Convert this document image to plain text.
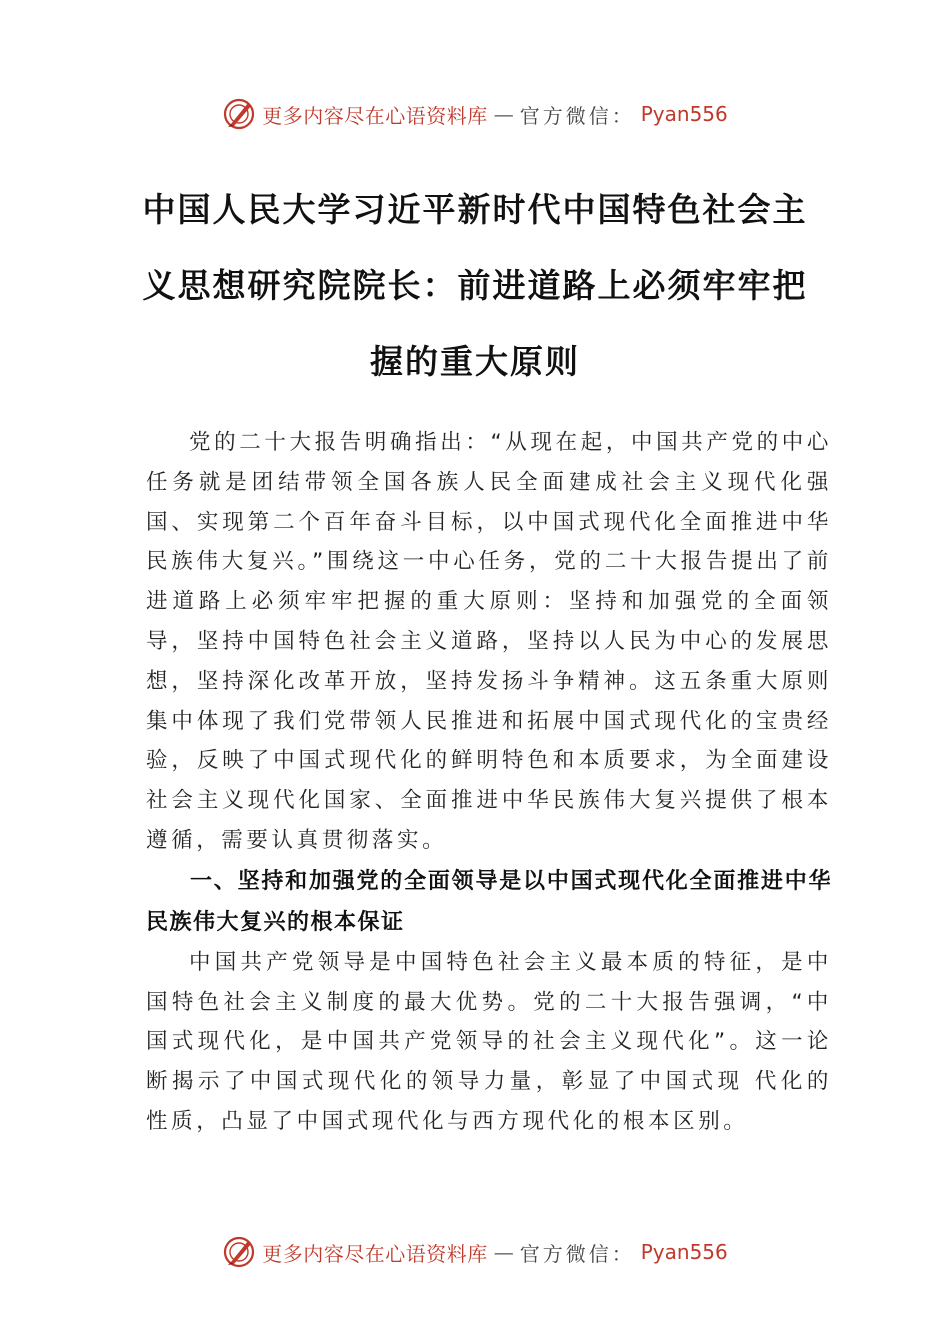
更多内容尽在心语资料库 — 官方微信： Pyan556
中国人民大学习近平新时代中国特色社会主义思想研究院院长：前进道路上必须牢牢把握的重大原则

党的二十大报告明确指出：“从现在起，中国共产党的中心任务就是团结带领全国各族人民全面建成社会主义现代化强国、实现第二个百年奋斗目标，以中国式现代化全面推进中华民族伟大复兴。”围绕这一中心任务，党的二十大报告提出了前进道路上必须牢牢把握的重大原则：坚持和加强党的全面领导，坚持中国特色社会主义道路，坚持以人民为中心的发展思想，坚持深化改革开放，坚持发扬斗争精神。这五条重大原则集中体现了我们党带领人民推进和拓展中国式现代化的宝贵经验，反映了中国式现代化的鲜明特色和本质要求，为全面建设社会主义现代化国家、全面推进中华民族伟大复兴提供了根本遵循，需要认真贯彻落实。

一、坚持和加强党的全面领导是以中国式现代化全面推进中华民族伟大复兴的根本保证

中国共产党领导是中国特色社会主义最本质的特征，是中国特色社会主义制度的最大优势。党的二十大报告强调，“中国式现代化，是中国共产党领导的社会主义现代化”。这一论断揭示了中国式现代化的领导力量，彰显了中国式现 代化的性质，凸显了中国式现代化与西方现代化的根本区别。

更多内容尽在心语资料库 — 官方微信： Pyan556
